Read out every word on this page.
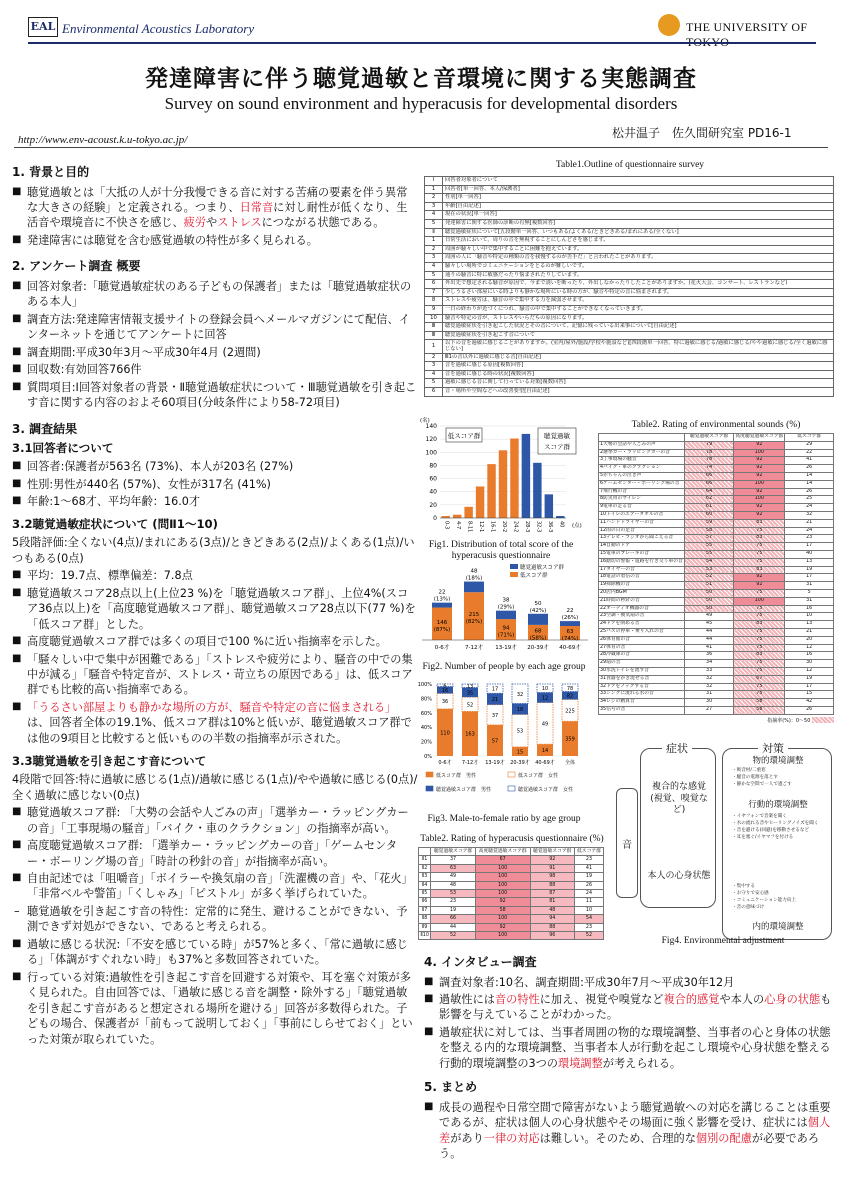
EAL Environmental Acoustics Laboratory	THE UNIVERSITY OF
発達障害に伴う聴覚過敏と音環境に関する実態調査
Survey on sound environment and hyperacusis for developmental disorders
http://www.env-acoust.k.u-tokyo.ac.jp/	松井温子　佐久間研究室 PD16-1
1. 背景と目的
■ 聴覚過敏とは「大抵の人が十分我慢できる音に対する苦痛の要素を伴う異常な大きさの経験」と定義される。つまり、日常音に対し耐性が低くなり、生活音や環境音に不快さを感じ、疲労やストレスにつながる状態である。
■ 発達障害には聴覚を含む感覚過敏の特性が多く見られる。
2. アンケート調査 概要
■ 回答対象者:「聴覚過敏症状のある子どもの保護者」または「聴覚過敏症状のある本人」
■ 調査方法:発達障害情報支援サイトの登録会員へメールマガジンにて配信、インターネットを通じてアンケートに回答
■ 調査期間:平成30年3月〜平成30年4月 (2週間)
■ 回収数:有効回答766件
■ 質問項目:Ⅰ回答対象者の背景・Ⅱ聴覚過敏症状について・Ⅲ聴覚過敏を引き起こす音に関する内容のおよそ60項目(分岐条件により58-72項目)
3. 調査結果
3.1回答者について
■ 回答者:保護者が563名 (73%)、本人が203名 (27%)
■ 性別:男性が440名 (57%)、女性が317名 (41%)
■ 年齢:1〜68才、平均年齢：16.0才
3.2聴覚過敏症状について (問Ⅱ1〜10)
5段階評価:全くない(4点)/まれにある(3点)/ときどきある(2点)/よくある(1点)/いつもある(0点)
■ 平均：19.7点、標準偏差：7.8点
■ 聴覚過敏スコア28点以上(上位23 %)を「聴覚過敏スコア群」、上位4%(スコア36点以上)を「高度聴覚過敏スコア群」、聴覚過敏スコア28点以下(77 %)を「低スコア群」とした。
■ 高度聴覚過敏スコア群では多くの項目で100 %に近い指摘率を示した。
■ 「騒々しい中で集中が困難である」「ストレスや疲労により、騒音の中での集中が減る」「騒音や特定音が、ストレス・苛立ちの原因である」は、低スコア群でも比較的高い指摘率である。
■ 「うるさい部屋よりも静かな場所の方が、騒音や特定の音に悩まされる」は、回答者全体の19.1%、低スコア群は10%と低いが、聴覚過敏スコア群では他の9項目と比較すると低いものの半数の指摘率が示された。
3.3聴覚過敏を引き起こす音について
4段階で回答:特に過敏に感じる(1点)/過敏に感じる(1点)/やや過敏に感じる(0点)/全く過敏に感じない(0点)
■ 聴覚過敏スコア群: 「大勢の会話や人ごみの声」「選挙カー・ラッピングカーの音」「工事現場の騒音」「バイク・車のクラクション」の指摘率が高い。
■ 高度聴覚過敏スコア群: 「選挙カー・ラッピングカーの音」「ゲームセンター・ボーリング場の音」「時計の秒針の音」が指摘率が高い。
■ 自由記述では「咀嚼音」「ボイラーや換気扇の音」「洗濯機の音」や、「花火」「非常ベルや警笛」「くしゃみ」「ピストル」が多く挙げられていた。
– 聴覚過敏を引き起こす音の特性：定常的に発生、避けることができない、予測できず対処ができない、であると考えられる。
■ 過敏に感じる状況:「不安を感じている時」が57%と多く、「常に過敏に感じる」「体調がすぐれない時」も37%と多数回答されていた。
■ 行っている対策:過敏性を引き起こす音を回避する対策や、耳を塞ぐ対策が多く見られた。自由回答では、「過敏に感じる音を調整・除外する」「聴覚過敏を引き起こす音があると想定される場所を避ける」回答が多数得られた。子どもの場合、保護者が「前もって説明しておく」「事前にしらせておく」といった対策が取られていた。
Table1.Outline of questionnaire survey
Ⅰ	回答者対象者について
1	回答者[単一回答、本人/保護者]
2	性別[単一回答]
3	年齢[自由記述]
4	現在の状況[単一回答]
5	発達障害に関する医師の診断の有無[複数回答]
Ⅱ	聴覚過敏症状について[五段階単一回答、いつもある/よくある/ときどきある/まれにある/全くない]
1	日常生活において、周りの音を無視することにしんどさを感じます。
2	周囲が騒々しい中で集中することに困難を抱えています。
3	周囲の人に「騒音や特定の種類の音を我慢するのが苦手だ」と言われたことがあります。
4	騒々しい場所でコミュニケーションをとるのが難しいです。
5	通りの騒音に特に敏感だったり悩まされたりしています。
6	外出先で想定される騒音が原因で、今まで誘いを断ったり、外出しなかったりしたことがありますか。(花火大会、コンサート、レストランなど)
7	少しうるさい部屋にいる時よりも静かな場所にいる時の方が、騒音や特定の音に悩まされます。
8	ストレスや疲労は、騒音の中で集中する力を減弱させます。
9	一日の終わりが近づくにつれ、騒音の中で集中することができなくなっていきます。
10	騒音や特定の音が、ストレスやいらだちの原因になります。
Ⅲ	聴覚過敏症状を引き起こした状況とその音について、記憶に残っている出来事について[自由記述]
Ⅲ	聴覚過敏症状を引き起こす音について
1	以下の音を過敏に感じることがありますか。(室内/屋外/施設/学校や施設など)[四段階単一回答、特に過敏に感じる/過敏に感じる/やや過敏に感じる/全く過敏に感じない]
2	Ⅲ1の音以外に過敏に感じる音[自由記述]
3	音を過敏に感じる原因[複数回答]
4	音を過敏に感じる時の状況[複数回答]
5	過敏に感じる音に関して行っている対策[複数回答]
6	音・場所や空間などへの改善要望[自由記述]
0
20
40
60
80
100
120
140
(名)
0-3 4-7 8-11 12-15 16-19 20-23 24-27 28-31 32-35 36-39 40 (点)
低スコア群	聴覚過敏
スコア群
Fig1. Distribution of total score of the
hyperacusis questionnaire
聴覚過敏スコア群
低スコア群
146
(87%)
22
(13%)
0-6才
215
(82%)
48
(18%)
7-12才
94
(71%)
38
(29%)
13-19才
68
(58%)
50
(42%)
20-39才
63
(74%)
22
(26%)
40-69才
Fig2. Number of people by each age group
0%
20%
40%
60%
80%
100%
110
36
16
6
0-6才
163
52
35
13
7-12才
57
37
21
17
13-19才
15
53
18
32
20-39才
14
49
12
10
40-69才
359
225
82
78
全体
低スコア群　男性	低スコア群　女性
聴覚過敏スコア群　男性	聴覚過敏スコア群　女性
Fig3. Male-to-female ratio by age group
Table2. Rating of environmental sounds (%)
	聴覚過敏スコア群	高度聴覚過敏スコア群	低スコア群
1大勢の会話や人ごみの声	79	92	29
2選挙カー・ラッピングカーの音	78	100	22
3工事現場の騒音	78	92	41
4バイク・車のクラクション	74	92	26
5赤ちゃんの泣き声	66	92	14
6ゲームセンター・ボーリング場の音	66	100	14
7飛行機の音	64	92	26
8防災用のサイレン	62	100	25
9電車の走る音	61	92	24
10トイレのエアータオルの音	60	92	32
11ハンドドライヤーの音	59	83	21
12雨の日の足音	58	75	24
13テレビ・ラジオから聞こえる音	57	83	23
14自動のドア	55	75	17
15電車のブレーキの音	55	75	40
16踏切の警報・道路を行き交う車の音	54	75	13
17タイヤーの音	53	83	19
18電話の着信の音	52	92	17
19掃除機の音	51	92	31
20店内BGM	50	75	5
21時間の秒針の音	50	100	31
22オーディオ機器の音	50	75	16
23空調・換気扇の音	49	75	10
24ドアを閉める音	45	83	13
25バスの停車・乗り入れの音	44	75	21
26体育館の音	44	75	20
27体育の音	41	75	12
28冷蔵庫の音	36	83	16
29扇の音	34	75	30
30水洗トイレを流す音	33	75	12
31食器をかき混ぜる音	32	67	19
32ドアをノックする音	32	75	17
33シンクに流れる水の音	31	75	15
34レジの精算音	30	58	42
35信号の音	27	58	26
指摘率(%)：0〜50
Table2. Rating of hyperacusis questionnaire (%)
	聴覚過敏スコア群	高度聴覚過敏スコア群	聴覚過敏スコア群	低スコア群
Ⅱ1	37	67	92	23
Ⅱ2	63	100	91	41
Ⅱ3	49	100	98	19
Ⅱ4	48	100	88	26
Ⅱ5	53	100	87	24
Ⅱ6	23	92	81	11
Ⅱ7	19	58	48	10
Ⅱ8	66	100	94	54
Ⅱ9	44	92	88	23
Ⅱ10	52	100	96	52
音
症状
複合的な感覚
(視覚、嗅覚など)
本人の心身状態
対策
物的環境調整
・吸音材/二重窓
・騒音の電源を落とす
・静かな空間で一人で過ごす
行動的環境調整
・イヤフォンで音楽を聞く
・水の流れる音やヒーリングノイズを聞く
・音を避ける(回避)を移動させるなど
・耳を塞ぐ/イヤマフを付ける
・集中する
・お守りで安心感
・コミュニケーション能力向上
・音の意味づけ
内的環境調整
Fig4. Environmental adjustment
4. インタビュー調査
■ 調査対象者:10名、調査期間:平成30年7月〜平成30年12月
■ 過敏性には音の特性に加え、視覚や嗅覚など複合的感覚や本人の心身の状態も影響を与えていることがわかった。
■ 過敏症状に対しては、当事者周囲の物的な環境調整、当事者の心と身体の状態を整える内的な環境調整、当事者本人が行動を起こし環境や心身状態を整える行動的環境調整の3つの環境調整が考えられる。
5. まとめ
■ 成長の過程や日常空間で障害がないよう聴覚過敏への対応を講じることは重要であるが、症状は個人の心身状態やその場面に強く影響を受け、症状には個人差があり一律の対応は難しい。そのため、合理的な個別の配慮が必要であろう。
